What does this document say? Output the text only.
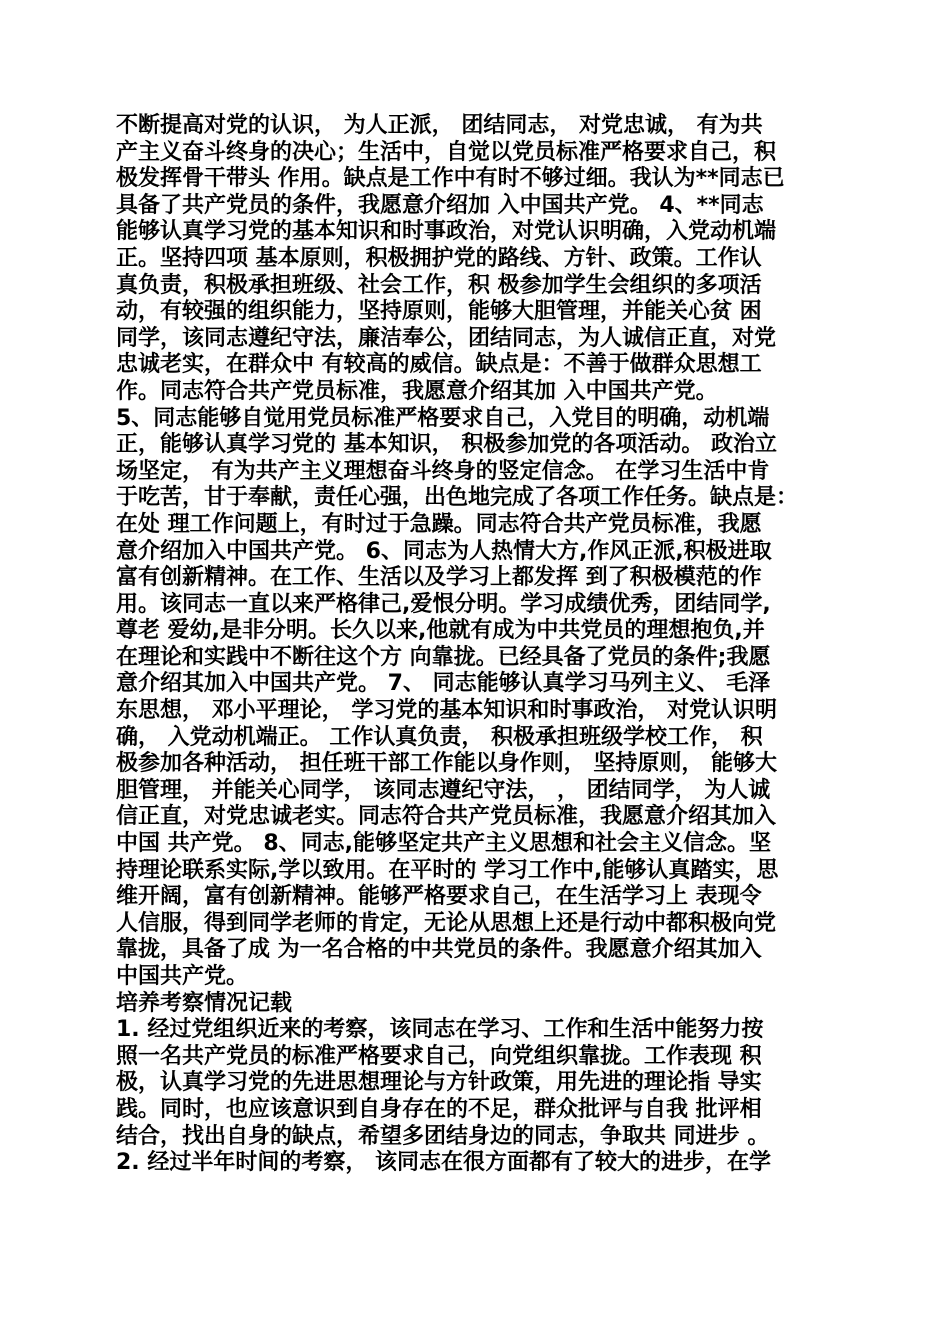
不断提高对党的认识， 为人正派， 团结同志， 对党忠诚， 有为共
产主义奋斗终身的决心；生活中，自觉以党员标准严格要求自己，积
极发挥骨干带头 作用。缺点是工作中有时不够过细。我认为**同志已
具备了共产党员的条件，我愿意介绍加 入中国共产党。 4、**同志
能够认真学习党的基本知识和时事政治，对党认识明确，入党动机端
正。坚持四项 基本原则，积极拥护党的路线、方针、政策。工作认
真负责，积极承担班级、社会工作，积 极参加学生会组织的多项活
动，有较强的组织能力，坚持原则，能够大胆管理，并能关心贫 困
同学，该同志遵纪守法，廉洁奉公，团结同志，为人诚信正直，对党
忠诚老实，在群众中 有较高的威信。缺点是：不善于做群众思想工
作。同志符合共产党员标准，我愿意介绍其加 入中国共产党。
5、同志能够自觉用党员标准严格要求自己，入党目的明确，动机端
正，能够认真学习党的 基本知识， 积极参加党的各项活动。 政治立
场坚定， 有为共产主义理想奋斗终身的竖定信念。 在学习生活中肯
于吃苦，甘于奉献，责任心强，出色地完成了各项工作任务。缺点是：
在处 理工作问题上，有时过于急躁。同志符合共产党员标准，我愿
意介绍加入中国共产党。 6、同志为人热情大方,作风正派,积极进取
富有创新精神。在工作、生活以及学习上都发挥 到了积极模范的作
用。该同志一直以来严格律己,爱恨分明。学习成绩优秀，团结同学,
尊老 爱幼,是非分明。长久以来,他就有成为中共党员的理想抱负,并
在理论和实践中不断往这个方 向靠拢。已经具备了党员的条件;我愿
意介绍其加入中国共产党。 7、 同志能够认真学习马列主义、 毛泽
东思想， 邓小平理论， 学习党的基本知识和时事政治， 对党认识明
确， 入党动机端正。 工作认真负责， 积极承担班级学校工作， 积
极参加各种活动， 担任班干部工作能以身作则， 坚持原则， 能够大
胆管理， 并能关心同学， 该同志遵纪守法， ， 团结同学， 为人诚
信正直，对党忠诚老实。同志符合共产党员标准，我愿意介绍其加入
中国 共产党。 8、同志,能够坚定共产主义思想和社会主义信念。坚
持理论联系实际,学以致用。在平时的 学习工作中,能够认真踏实，思
维开阔，富有创新精神。能够严格要求自己，在生活学习上 表现令
人信服，得到同学老师的肯定，无论从思想上还是行动中都积极向党
靠拢，具备了成 为一名合格的中共党员的条件。我愿意介绍其加入
中国共产党。
培养考察情况记载
1. 经过党组织近来的考察，该同志在学习、工作和生活中能努力按
照一名共产党员的标准严格要求自己，向党组织靠拢。工作表现 积
极，认真学习党的先进思想理论与方针政策，用先进的理论指 导实
践。同时，也应该意识到自身存在的不足，群众批评与自我 批评相
结合，找出自身的缺点，希望多团结身边的同志，争取共 同进步 。
2. 经过半年时间的考察， 该同志在很方面都有了较大的进步，在学
